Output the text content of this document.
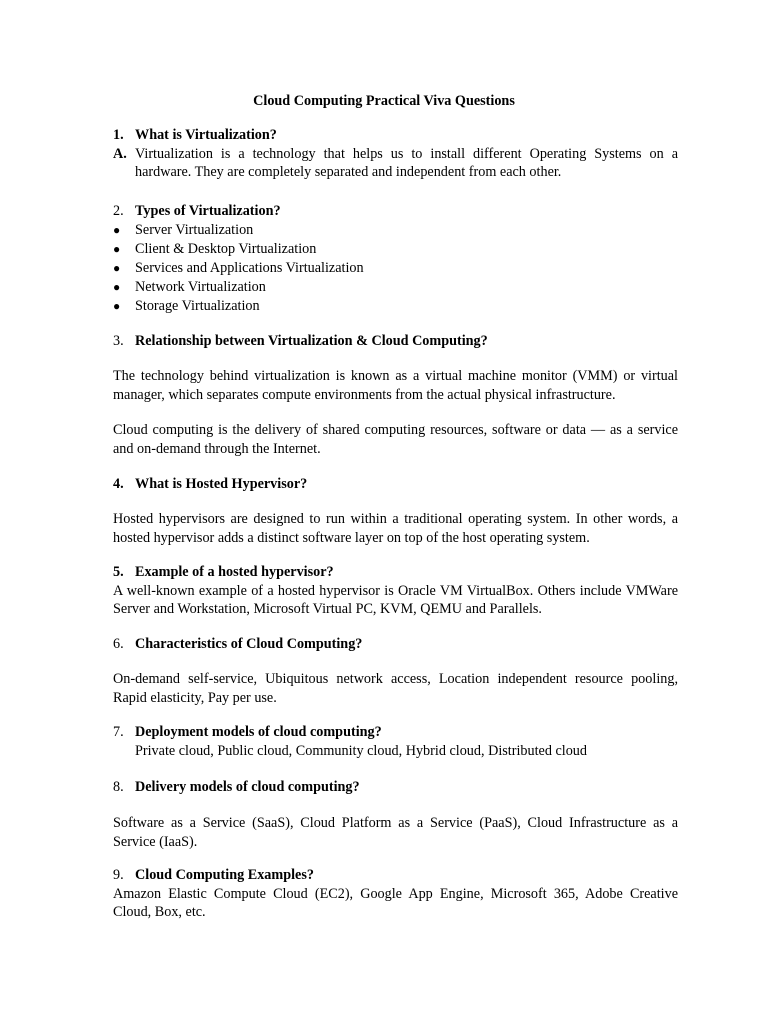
Cloud Computing Practical Viva Questions
1. What is Virtualization?
A. Virtualization is a technology that helps us to install different Operating Systems on a hardware. They are completely separated and independent from each other.
2. Types of Virtualization?
●	Server Virtualization
●	Client & Desktop Virtualization
●	Services and Applications Virtualization
●	Network Virtualization
●	Storage Virtualization
3. Relationship between Virtualization & Cloud Computing?

The technology behind virtualization is known as a virtual machine monitor (VMM) or virtual manager, which separates compute environments from the actual physical infrastructure.

Cloud computing is the delivery of shared computing resources, software or data — as a service and on-demand through the Internet.

4. What is Hosted Hypervisor?

Hosted hypervisors are designed to run within a traditional operating system. In other words, a hosted hypervisor adds a distinct software layer on top of the host operating system.

5. Example of a hosted hypervisor?

A well-known example of a hosted hypervisor is Oracle VM VirtualBox. Others include VMWare Server and Workstation, Microsoft Virtual PC, KVM, QEMU and Parallels.

6. Characteristics of Cloud Computing?

On-demand self-service, Ubiquitous network access, Location independent resource pooling, Rapid elasticity, Pay per use.

7. Deployment models of cloud computing?

Private cloud, Public cloud, Community cloud, Hybrid cloud, Distributed cloud

8. Delivery models of cloud computing?

Software as a Service (SaaS), Cloud Platform as a Service (PaaS), Cloud Infrastructure as a Service (IaaS).

9. Cloud Computing Examples?

Amazon Elastic Compute Cloud (EC2), Google App Engine, Microsoft 365, Adobe Creative Cloud, Box, etc.
